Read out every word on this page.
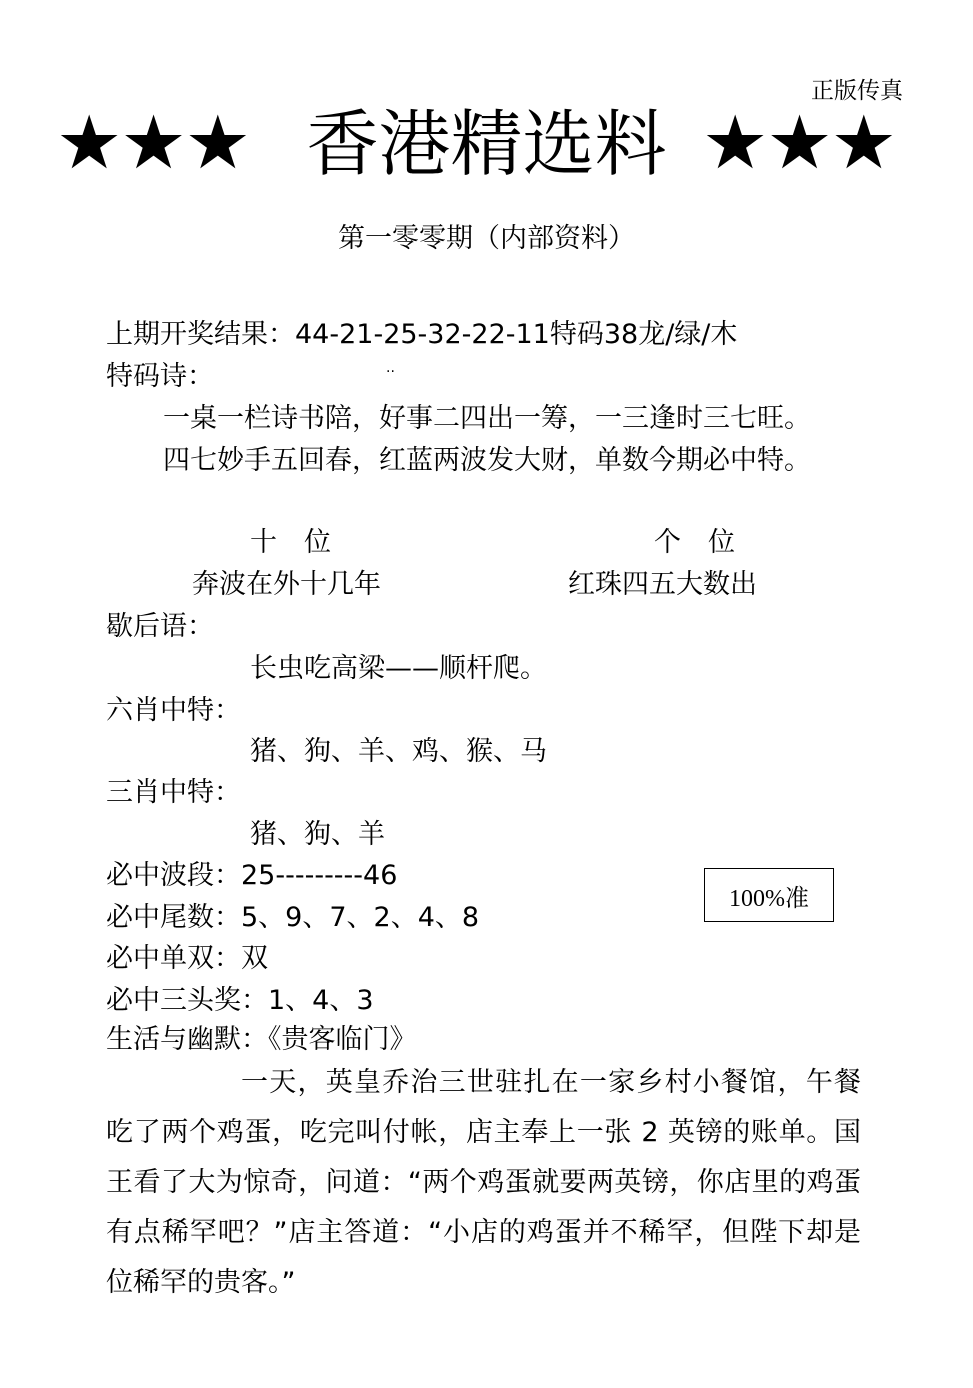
正版传真
★★★ 香港精选料 ★★★
第一零零期（内部资料）
上期开奖结果：44-21-25-32-22-11特码38龙/绿/木
特码诗：	..
一桌一栏诗书陪，好事二四出一筹，一三逢时三七旺。
四七妙手五回春，红蓝两波发大财，单数今期必中特。
十　位	个　位
奔波在外十几年	红珠四五大数出
歇后语：
长虫吃高梁——顺杆爬。
六肖中特：
猪、狗、羊、鸡、猴、马
三肖中特：
猪、狗、羊
必中波段：25---------46
必中尾数：5、9、7、2、4、8
必中单双：双
必中三头奖：1、4、3
生活与幽默：《贵客临门》
100%准

一天，英皇乔治三世驻扎在一家乡村小餐馆，午餐吃了两个鸡蛋，吃完叫付帐，店主奉上一张 2 英镑的账单。国王看了大为惊奇，问道：“两个鸡蛋就要两英镑，你店里的鸡蛋有点稀罕吧？”店主答道：“小店的鸡蛋并不稀罕，但陛下却是位稀罕的贵客。”
